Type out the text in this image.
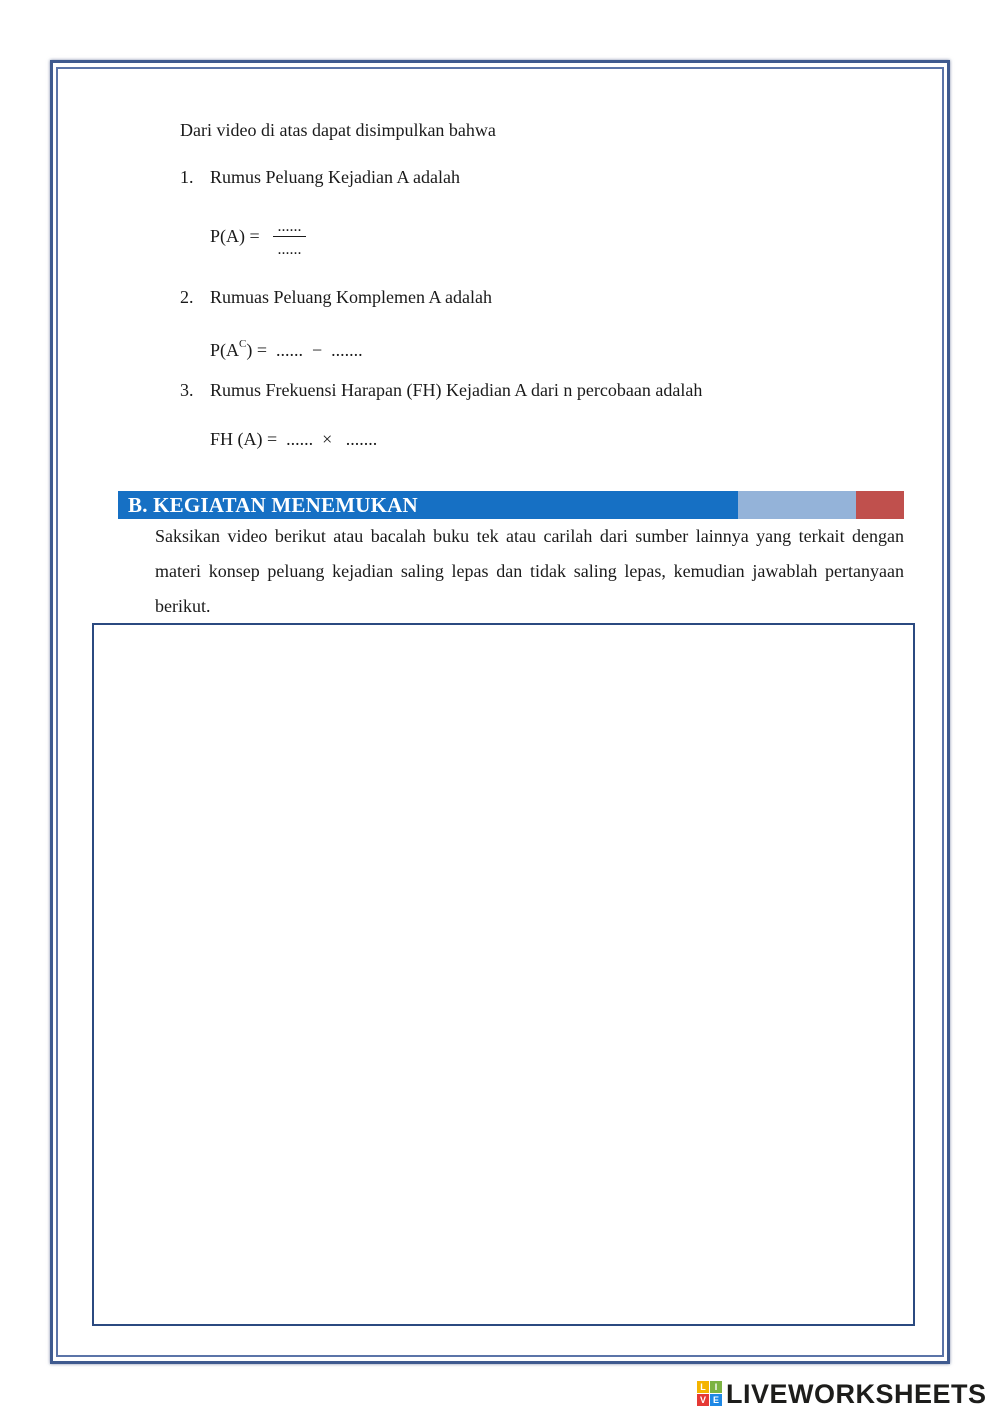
Dari video di atas dapat disimpulkan bahwa
1. Rumus Peluang Kejadian A adalah
P(A) = ......
......
2. Rumuas Peluang Komplemen A adalah
$P(A^C)$ = ......  −  .......
3. Rumus Frekuensi Harapan (FH) Kejadian A dari n percobaan adalah
FH (A) = ......  ×   .......
B. KEGIATAN MENEMUKAN
Saksikan video berikut atau bacalah buku tek atau carilah dari sumber lainnya yang terkait dengan materi konsep peluang kejadian saling lepas dan tidak saling lepas, kemudian jawablah pertanyaan berikut.
L I
V E LIVEWORKSHEETS
